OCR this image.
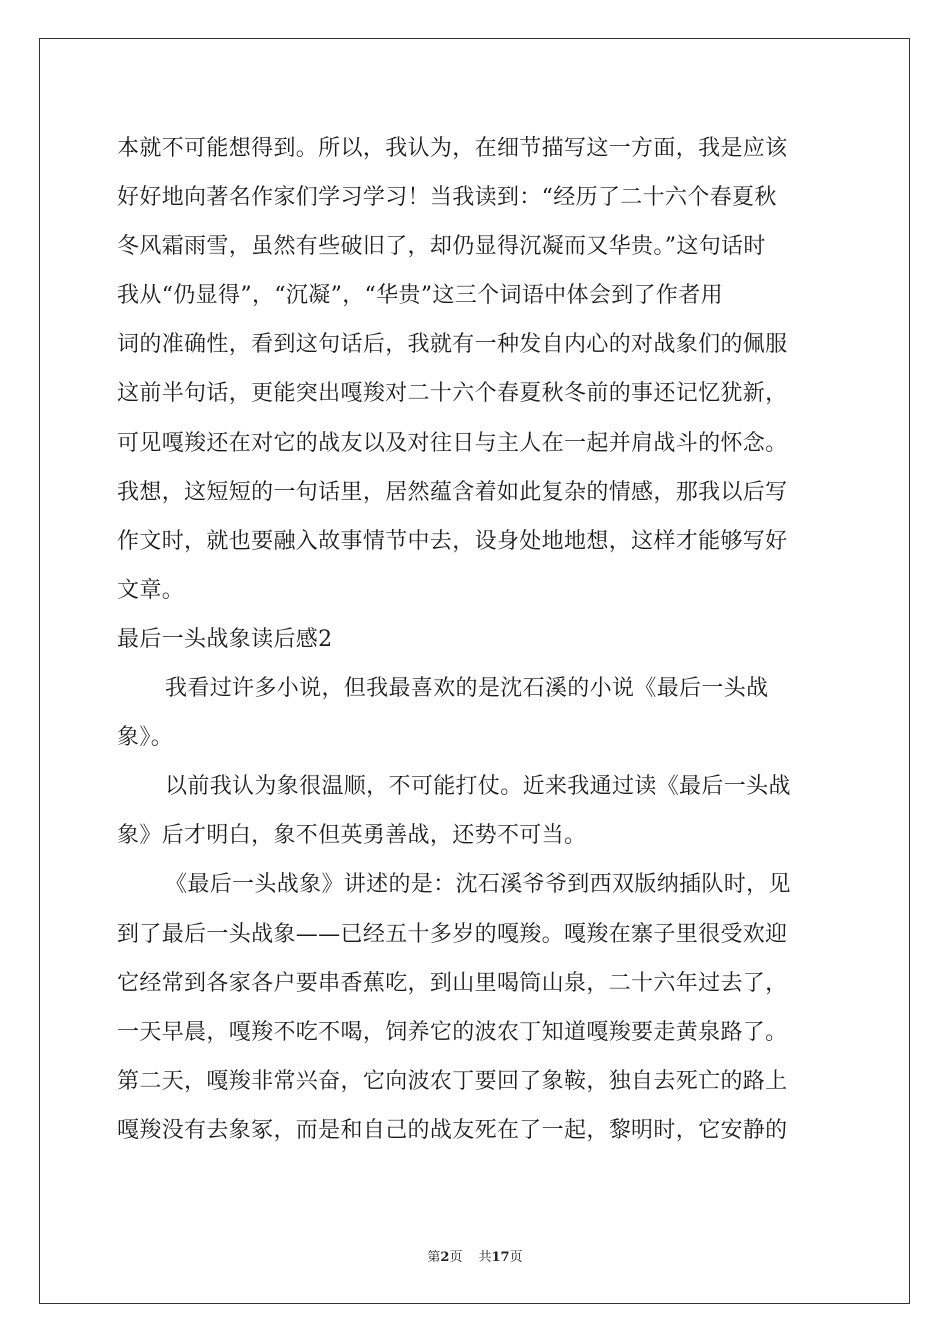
本就不可能想得到。所以，我认为，在细节描写这一方面，我是应该
好好地向著名作家们学习学习！当我读到：“经历了二十六个春夏秋
冬风霜雨雪，虽然有些破旧了，却仍显得沉凝而又华贵。”这句话时
我从“仍显得”，“沉凝”，“华贵”这三个词语中体会到了作者用
词的准确性，看到这句话后，我就有一种发自内心的对战象们的佩服
这前半句话，更能突出嘎羧对二十六个春夏秋冬前的事还记忆犹新，
可见嘎羧还在对它的战友以及对往日与主人在一起并肩战斗的怀念。
我想，这短短的一句话里，居然蕴含着如此复杂的情感，那我以后写
作文时，就也要融入故事情节中去，设身处地地想，这样才能够写好
文章。
最后一头战象读后感2
我看过许多小说，但我最喜欢的是沈石溪的小说《最后一头战
象》。
以前我认为象很温顺，不可能打仗。近来我通过读《最后一头战
象》后才明白，象不但英勇善战，还势不可当。
《最后一头战象》讲述的是：沈石溪爷爷到西双版纳插队时，见
到了最后一头战象——已经五十多岁的嘎羧。嘎羧在寨子里很受欢迎
它经常到各家各户要串香蕉吃，到山里喝筒山泉，二十六年过去了，
一天早晨，嘎羧不吃不喝，饲养它的波农丁知道嘎羧要走黄泉路了。
第二天，嘎羧非常兴奋，它向波农丁要回了象鞍，独自去死亡的路上
嘎羧没有去象冢，而是和自己的战友死在了一起，黎明时，它安静的
第2页 共17页
